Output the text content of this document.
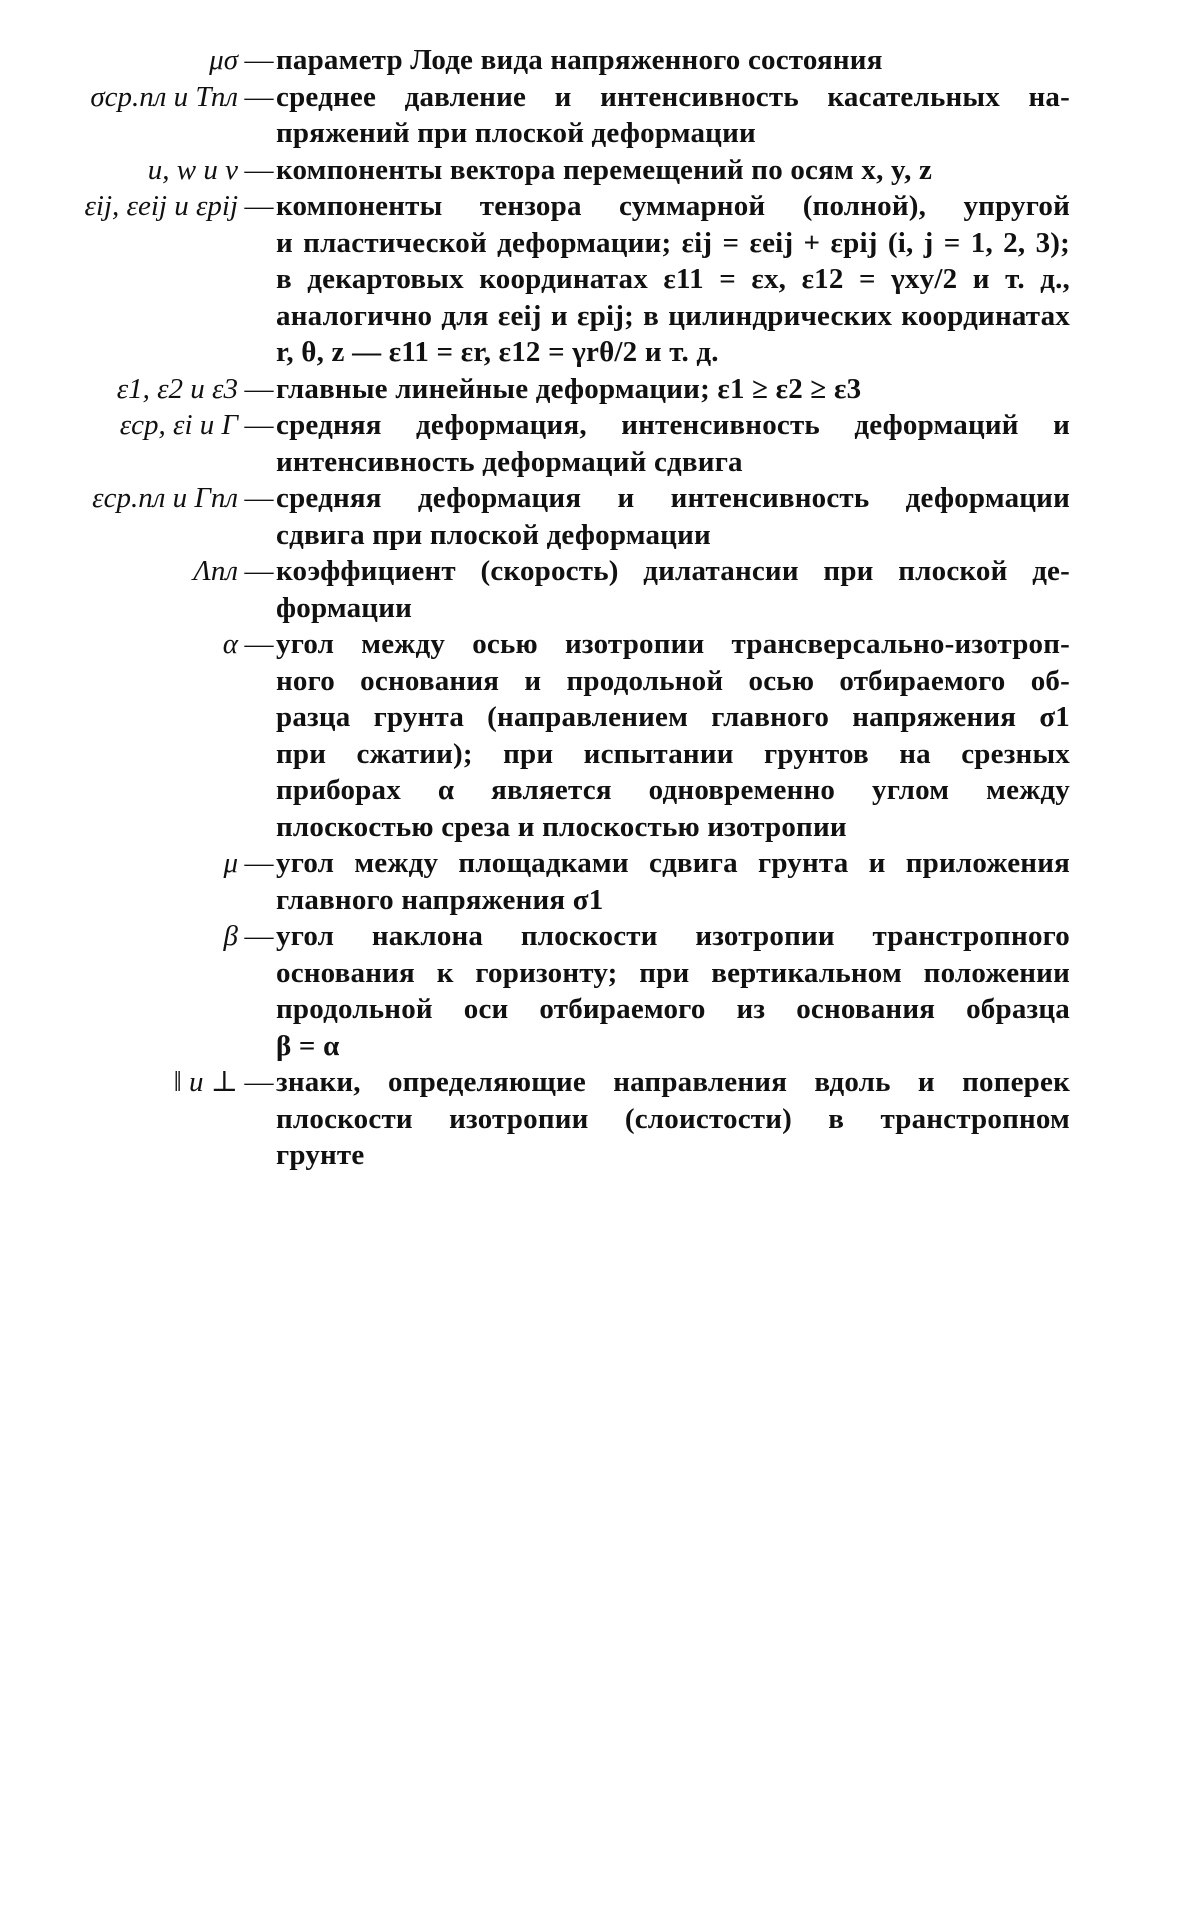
μσ — параметр Лоде вида напряженного состояния
σср.пл и Тпл — среднее давление и интенсивность касательных на-
пряжений при плоской деформации
u, w и v — компоненты вектора перемещений по осям x, y, z
εij, εeij и εpij — компоненты тензора суммарной (полной), упругой
и пластической деформации; εij = εeij + εpij (i, j = 1, 2, 3);
в декартовых координатах ε11 = εx, ε12 = γxy/2 и т. д.,
аналогично для εeij и εpij; в цилиндрических координатах
r, θ, z — ε11 = εr, ε12 = γrθ/2 и т. д.
ε1, ε2 и ε3 — главные линейные деформации; ε1 ≥ ε2 ≥ ε3
εср, εi и Г — средняя деформация, интенсивность деформаций и
интенсивность деформаций сдвига
εср.пл и Гпл — средняя деформация и интенсивность деформации
сдвига при плоской деформации
Λпл — коэффициент (скорость) дилатансии при плоской де-
формации
α — угол между осью изотропии трансверсально-изотроп-
ного основания и продольной осью отбираемого об-
разца грунта (направлением главного напряжения σ1
при сжатии); при испытании грунтов на срезных
приборах α является одновременно углом между
плоскостью среза и плоскостью изотропии
μ — угол между площадками сдвига грунта и приложения
главного напряжения σ1
β — угол наклона плоскости изотропии транстропного
основания к горизонту; при вертикальном положении
продольной оси отбираемого из основания образца
β = α
‖ и ⊥ — знаки, определяющие направления вдоль и поперек
плоскости изотропии (слоистости) в транстропном
грунте
